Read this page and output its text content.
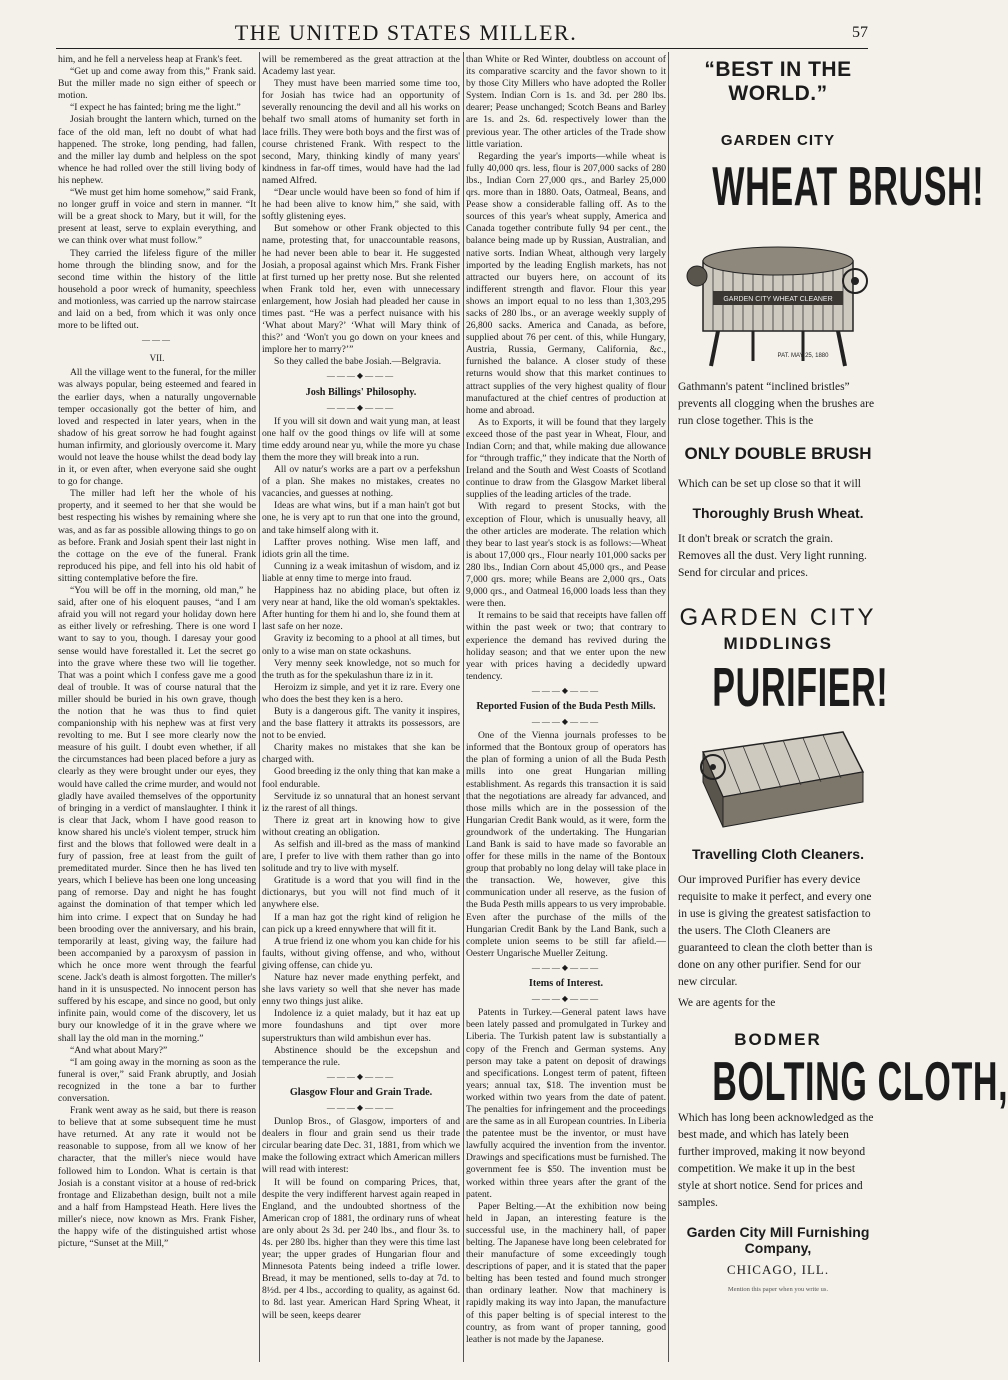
THE UNITED STATES MILLER.	57

him, and he fell a nerveless heap at Frank's feet.

“Get up and come away from this,” Frank said. But the miller made no sign either of speech or motion.

“I expect he has fainted; bring me the light.”

Josiah brought the lantern which, turned on the face of the old man, left no doubt of what had happened. The stroke, long pending, had fallen, and the miller lay dumb and helpless on the spot whence he had rolled over the still living body of his nephew.

“We must get him home somehow,” said Frank, no longer gruff in voice and stern in manner. “It will be a great shock to Mary, but it will, for the present at least, serve to explain everything, and we can think over what must follow.”

They carried the lifeless figure of the miller home through the blinding snow, and for the second time within the history of the little household a poor wreck of humanity, speechless and motionless, was carried up the narrow staircase and laid on a bed, from which it was only once more to be lifted out.

———
VII.

All the village went to the funeral, for the miller was always popular, being esteemed and feared in the earlier days, when a naturally ungovernable temper occasionally got the better of him, and loved and respected in later years, when in the shadow of his great sorrow he had fought against human infirmity, and gloriously overcome it. Mary would not leave the house whilst the dead body lay in it, or even after, when everyone said she ought to go for change.

The miller had left her the whole of his property, and it seemed to her that she would be best respecting his wishes by remaining where she was, and as far as possible allowing things to go on as before. Frank and Josiah spent their last night in the cottage on the eve of the funeral. Frank reproduced his pipe, and fell into his old habit of sitting contemplative before the fire.

“You will be off in the morning, old man,” he said, after one of his eloquent pauses, “and I am afraid you will not regard your holiday down here as either lively or refreshing. There is one word I want to say to you, though. I daresay your good sense would have forestalled it. Let the secret go into the grave where these two will lie together. That was a point which I confess gave me a good deal of trouble. It was of course natural that the miller should be buried in his own grave, though the notion that he was thus to find quiet companionship with his nephew was at first very revolting to me. But I see more clearly now the measure of his guilt. I doubt even whether, if all the circumstances had been placed before a jury as clearly as they were brought under our eyes, they would have called the crime murder, and would not gladly have availed themselves of the opportunity of bringing in a verdict of manslaughter. I think it is clear that Jack, whom I have good reason to know shared his uncle's violent temper, struck him first and the blows that followed were dealt in a fury of passion, free at least from the guilt of premeditated murder. Since then he has lived ten years, which I believe has been one long unceasing pang of remorse. Day and night he has fought against the domination of that temper which led him into crime. I expect that on Sunday he had been brooding over the anniversary, and his brain, temporarily at least, giving way, the failure had been accompanied by a paroxysm of passion in which he once more went through the fearful scene. Jack's death is almost forgotten. The miller's hand in it is unsuspected. No innocent person has suffered by his escape, and since no good, but only infinite pain, would come of the discovery, let us bury our knowledge of it in the grave where we shall lay the old man in the morning.”

“And what about Mary?”

“I am going away in the morning as soon as the funeral is over,” said Frank abruptly, and Josiah recognized in the tone a bar to further conversation.

Frank went away as he said, but there is reason to believe that at some subsequent time he must have returned. At any rate it would not be reasonable to suppose, from all we know of her character, that the miller's niece would have followed him to London. What is certain is that Josiah is a constant visitor at a house of red-brick frontage and Elizabethan design, built not a mile and a half from Hampstead Heath. Here lives the miller's niece, now known as Mrs. Frank Fisher, the happy wife of the distinguished artist whose picture, “Sunset at the Mill,”

will be remembered as the great attraction at the Academy last year.

They must have been married some time too, for Josiah has twice had an opportunity of severally renouncing the devil and all his works on behalf two small atoms of humanity set forth in lace frills. They were both boys and the first was of course christened Frank. With respect to the second, Mary, thinking kindly of many years' kindness in far-off times, would have had the lad named Alfred.

“Dear uncle would have been so fond of him if he had been alive to know him,” she said, with softly glistening eyes.

But somehow or other Frank objected to this name, protesting that, for unaccountable reasons, he had never been able to bear it. He suggested Josiah, a proposal against which Mrs. Frank Fisher at first turned up her pretty nose. But she relented when Frank told her, even with unnecessary enlargement, how Josiah had pleaded her cause in times past. “He was a perfect nuisance with his ‘What about Mary?’ ‘What will Mary think of this?’ and ‘Won't you go down on your knees and implore her to marry?’”

So they called the babe Josiah.—Belgravia.

———◆———
Josh Billings' Philosophy.
———◆———

If you will sit down and wait yung man, at least one half ov the good things ov life will at some time eddy around near yu, while the more yu chase them the more they will break into a run.

All ov natur's works are a part ov a perfekshun of a plan. She makes no mistakes, creates no vacancies, and guesses at nothing.

Ideas are what wins, but if a man hain't got but one, he is very apt to run that one into the ground, and take himself along with it.

Laffter proves nothing. Wise men laff, and idiots grin all the time.

Cunning iz a weak imitashun of wisdom, and iz liable at enny time to merge into fraud.

Happiness haz no abiding place, but often iz very near at hand, like the old woman's spektakles. After hunting for them hi and lo, she found them at last safe on her noze.

Gravity iz becoming to a phool at all times, but only to a wise man on state ockashuns.

Very menny seek knowledge, not so much for the truth as for the spekulashun thare iz in it.

Heroizm iz simple, and yet it iz rare. Every one who does the best they ken is a hero.

Buty is a dangerous gift. The vanity it inspires, and the base flattery it attrakts its possessors, are not to be envied.

Charity makes no mistakes that she kan be charged with.

Good breeding iz the only thing that kan make a fool endurable.

Servitude iz so unnatural that an honest servant iz the rarest of all things.

There iz great art in knowing how to give without creating an obligation.

As selfish and ill-bred as the mass of mankind are, I prefer to live with them rather than go into solitude and try to live with myself.

Gratitude is a word that you will find in the dictionarys, but you will not find much of it anywhere else.

If a man haz got the right kind of religion he can pick up a kreed ennywhere that will fit it.

A true friend iz one whom you kan chide for his faults, without giving offense, and who, without giving offense, can chide yu.

Nature haz never made enything perfekt, and she lavs variety so well that she never has made enny two things just alike.

Indolence iz a quiet malady, but it haz eat up more foundashuns and tipt over more superstrukturs than wild ambishun ever has.

Abstinence should be the excepshun and temperance the rule.

———◆———
Glasgow Flour and Grain Trade.
———◆———

Dunlop Bros., of Glasgow, importers of and dealers in flour and grain send us their trade circular bearing date Dec. 31, 1881, from which we make the following extract which American millers will read with interest:

It will be found on comparing Prices, that, despite the very indifferent harvest again reaped in England, and the undoubted shortness of the American crop of 1881, the ordinary runs of wheat are only about 2s 3d. per 240 lbs., and flour 3s. to 4s. per 280 lbs. higher than they were this time last year; the upper grades of Hungarian flour and Minnesota Patents being indeed a trifle lower. Bread, it may be mentioned, sells to-day at 7d. to 8½d. per 4 lbs., according to quality, as against 6d. to 8d. last year. American Hard Spring Wheat, it will be seen, keeps dearer

than White or Red Winter, doubtless on account of its comparative scarcity and the favor shown to it by those City Millers who have adopted the Roller System. Indian Corn is 1s. and 3d. per 280 lbs. dearer; Pease unchanged; Scotch Beans and Barley are 1s. and 2s. 6d. respectively lower than the previous year. The other articles of the Trade show little variation.

Regarding the year's imports—while wheat is fully 40,000 qrs. less, flour is 207,000 sacks of 280 lbs., Indian Corn 27,000 qrs., and Barley 25,000 qrs. more than in 1880. Oats, Oatmeal, Beans, and Pease show a considerable falling off. As to the sources of this year's wheat supply, America and Canada together contribute fully 94 per cent., the balance being made up by Russian, Australian, and native sorts. Indian Wheat, although very largely imported by the leading English markets, has not attracted our buyers here, on account of its indifferent strength and flavor. Flour this year shows an import equal to no less than 1,303,295 sacks of 280 lbs., or an average weekly supply of 26,800 sacks. America and Canada, as before, supplied about 76 per cent. of this, while Hungary, Austria, Russia, Germany, California, &c., furnished the balance. A closer study of these returns would show that this market continues to attract supplies of the very highest quality of flour manufactured at the chief centres of production at home and abroad.

As to Exports, it will be found that they largely exceed those of the past year in Wheat, Flour, and Indian Corn; and that, while making due allowance for “through traffic,” they indicate that the North of Ireland and the South and West Coasts of Scotland continue to draw from the Glasgow Market liberal supplies of the leading articles of the trade.

With regard to present Stocks, with the exception of Flour, which is unusually heavy, all the other articles are moderate. The relation which they bear to last year's stock is as follows:—Wheat is about 17,000 qrs., Flour nearly 101,000 sacks per 280 lbs., Indian Corn about 45,000 qrs., and Pease 7,000 qrs. more; while Beans are 2,000 qrs., Oats 9,000 qrs., and Oatmeal 16,000 loads less than they were then.

It remains to be said that receipts have fallen off within the past week or two; that contrary to experience the demand has revived during the holiday season; and that we enter upon the new year with prices having a decidedly upward tendency.

———◆———
Reported Fusion of the Buda Pesth Mills.
———◆———

One of the Vienna journals professes to be informed that the Bontoux group of operators has the plan of forming a union of all the Buda Pesth mills into one great Hungarian milling establishment. As regards this transaction it is said that the negotiations are already far advanced, and those mills which are in the possession of the Hungarian Credit Bank would, as it were, form the groundwork of the undertaking. The Hungarian Land Bank is said to have made so favorable an offer for these mills in the name of the Bontoux group that probably no long delay will take place in the transaction. We, however, give this communication under all reserve, as the fusion of the Buda Pesth mills appears to us very improbable. Even after the purchase of the mills of the Hungarian Credit Bank by the Land Bank, such a complete union seems to be still far afield.—Oesterr Ungarische Mueller Zeitung.

———◆———
Items of Interest.
———◆———

Patents in Turkey.—General patent laws have been lately passed and promulgated in Turkey and Liberia. The Turkish patent law is substantially a copy of the French and German systems. Any person may take a patent on deposit of drawings and specifications. Longest term of patent, fifteen years; annual tax, $18. The invention must be worked within two years from the date of patent. The penalties for infringement and the proceedings are the same as in all European countries. In Liberia the patentee must be the inventor, or must have lawfully acquired the invention from the inventor. Drawings and specifications must be furnished. The government fee is $50. The invention must be worked within three years after the grant of the patent.

Paper Belting.—At the exhibition now being held in Japan, an interesting feature is the successful use, in the machinery hall, of paper belting. The Japanese have long been celebrated for their manufacture of some exceedingly tough descriptions of paper, and it is stated that the paper belting has been tested and found much stronger than ordinary leather. Now that machinery is rapidly making its way into Japan, the manufacture of this paper belting is of special interest to the country, as from want of proper tanning, good leather is not made by the Japanese.

“BEST IN THE WORLD.”
GARDEN CITY
WHEAT BRUSH!
GARDEN CITY WHEAT CLEANER
PAT. MAY 25, 1880
Gathmann's patent “inclined bristles” prevents all clogging when the brushes are run close together. This is the
ONLY DOUBLE BRUSH
Which can be set up close so that it will
Thoroughly Brush Wheat.
It don't break or scratch the grain. Removes all the dust. Very light running. Send for circular and prices.
GARDEN CITY
MIDDLINGS
PURIFIER!
Travelling Cloth Cleaners.
Our improved Purifier has every device requisite to make it perfect, and every one in use is giving the greatest satisfaction to the users. The Cloth Cleaners are guaranteed to clean the cloth better than is done on any other purifier. Send for our new circular.
We are agents for the
BODMER
BOLTING CLOTH,
Which has long been acknowledged as the best made, and which has lately been further improved, making it now beyond competition. We make it up in the best style at short notice. Send for prices and samples.
Garden City Mill Furnishing Company,
CHICAGO, ILL.
Mention this paper when you write us.
